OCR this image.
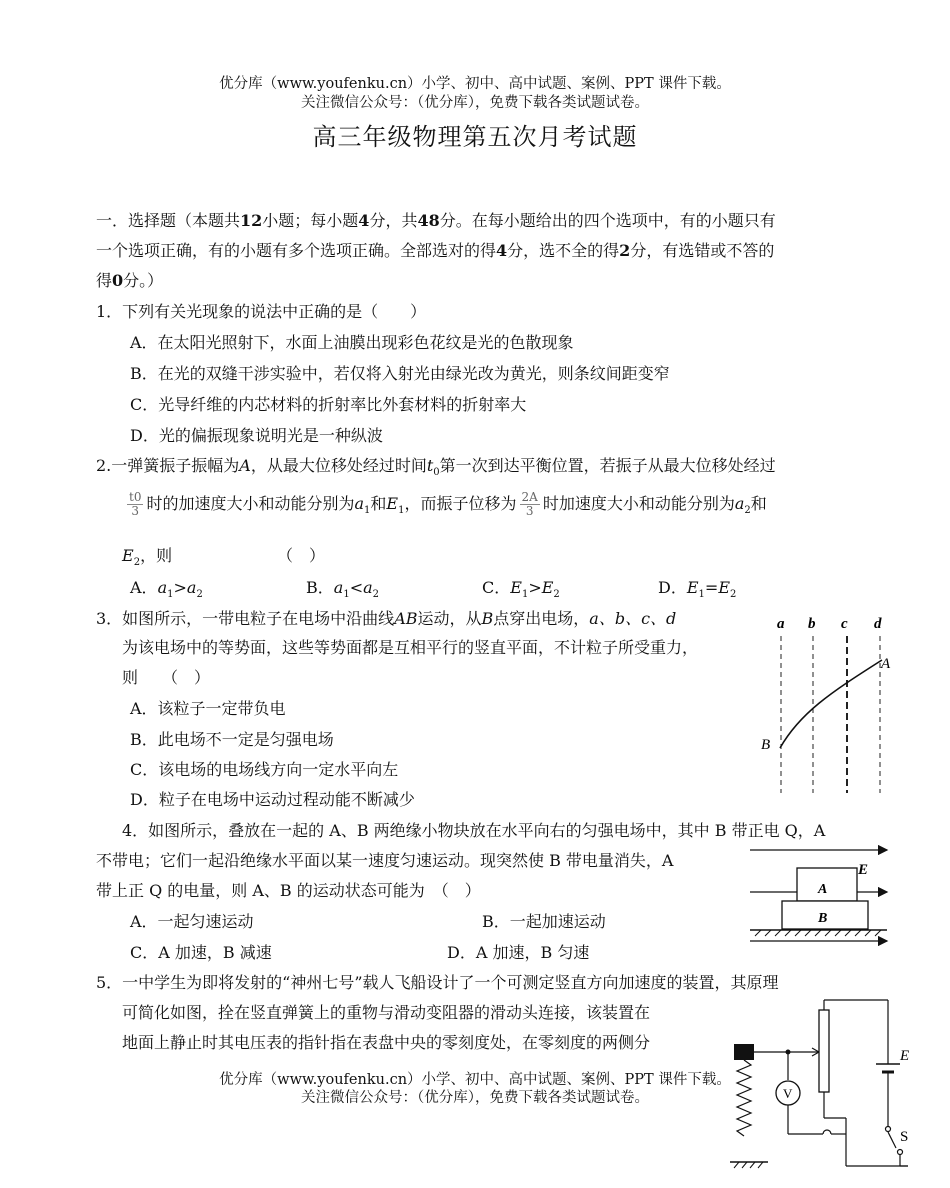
优分库（www.youfenku.cn）小学、初中、高中试题、案例、PPT 课件下载。
关注微信公众号：（优分库），免费下载各类试题试卷。
高三年级物理第五次月考试题
一．选择题（本题共12小题；每小题4分，共48分。在每小题给出的四个选项中，有的小题只有
一个选项正确，有的小题有多个选项正确。全部选对的得4分，选不全的得2分，有选错或不答的
得0分。）
1．下列有关光现象的说法中正确的是（　　）
A．在太阳光照射下，水面上油膜出现彩色花纹是光的色散现象
B．在光的双缝干涉实验中，若仅将入射光由绿光改为黄光，则条纹间距变窄
C．光导纤维的内芯材料的折射率比外套材料的折射率大
D．光的偏振现象说明光是一种纵波
2.一弹簧振子振幅为A，从最大位移处经过时间$t_0$第一次到达平衡位置，若振子从最大位移处经过
$\frac{t0}{3}$ 时的加速度大小和动能分别为$a_1$和$E_1$，而振子位移为 $\frac{2A}{3}$ 时加速度大小和动能分别为$a_2$和
$E_2$，则	（　）
A．$a_1>a_2$	B．$a_1<a_2$	C．$E_1>E_2$	D．$E_1=E_2$
3．如图所示，一带电粒子在电场中沿曲线AB运动，从B点穿出电场，a、b、c、d
为该电场中的等势面，这些等势面都是互相平行的竖直平面，不计粒子所受重力，
则　　（　）
A．该粒子一定带负电
B．此电场不一定是匀强电场
C．该电场的电场线方向一定水平向左
D．粒子在电场中运动过程动能不断减少
a b c d
A
B
4．如图所示，叠放在一起的 A、B 两绝缘小物块放在水平向右的匀强电场中，其中 B 带正电 Q，A
不带电；它们一起沿绝缘水平面以某一速度匀速运动。现突然使 B 带电量消失，A
带上正 Q 的电量，则 A、B 的运动状态可能为　（　）
A．一起匀速运动	B．一起加速运动
C．A 加速，B 减速	D．A 加速，B 匀速
E
A
B
5．一中学生为即将发射的“神州七号”载人飞船设计了一个可测定竖直方向加速度的装置，其原理
可简化如图，拴在竖直弹簧上的重物与滑动变阻器的滑动头连接，该装置在
地面上静止时其电压表的指针指在表盘中央的零刻度处，在零刻度的两侧分
优分库（www.youfenku.cn）小学、初中、高中试题、案例、PPT 课件下载。
关注微信公众号：（优分库），免费下载各类试题试卷。	V
E
S
